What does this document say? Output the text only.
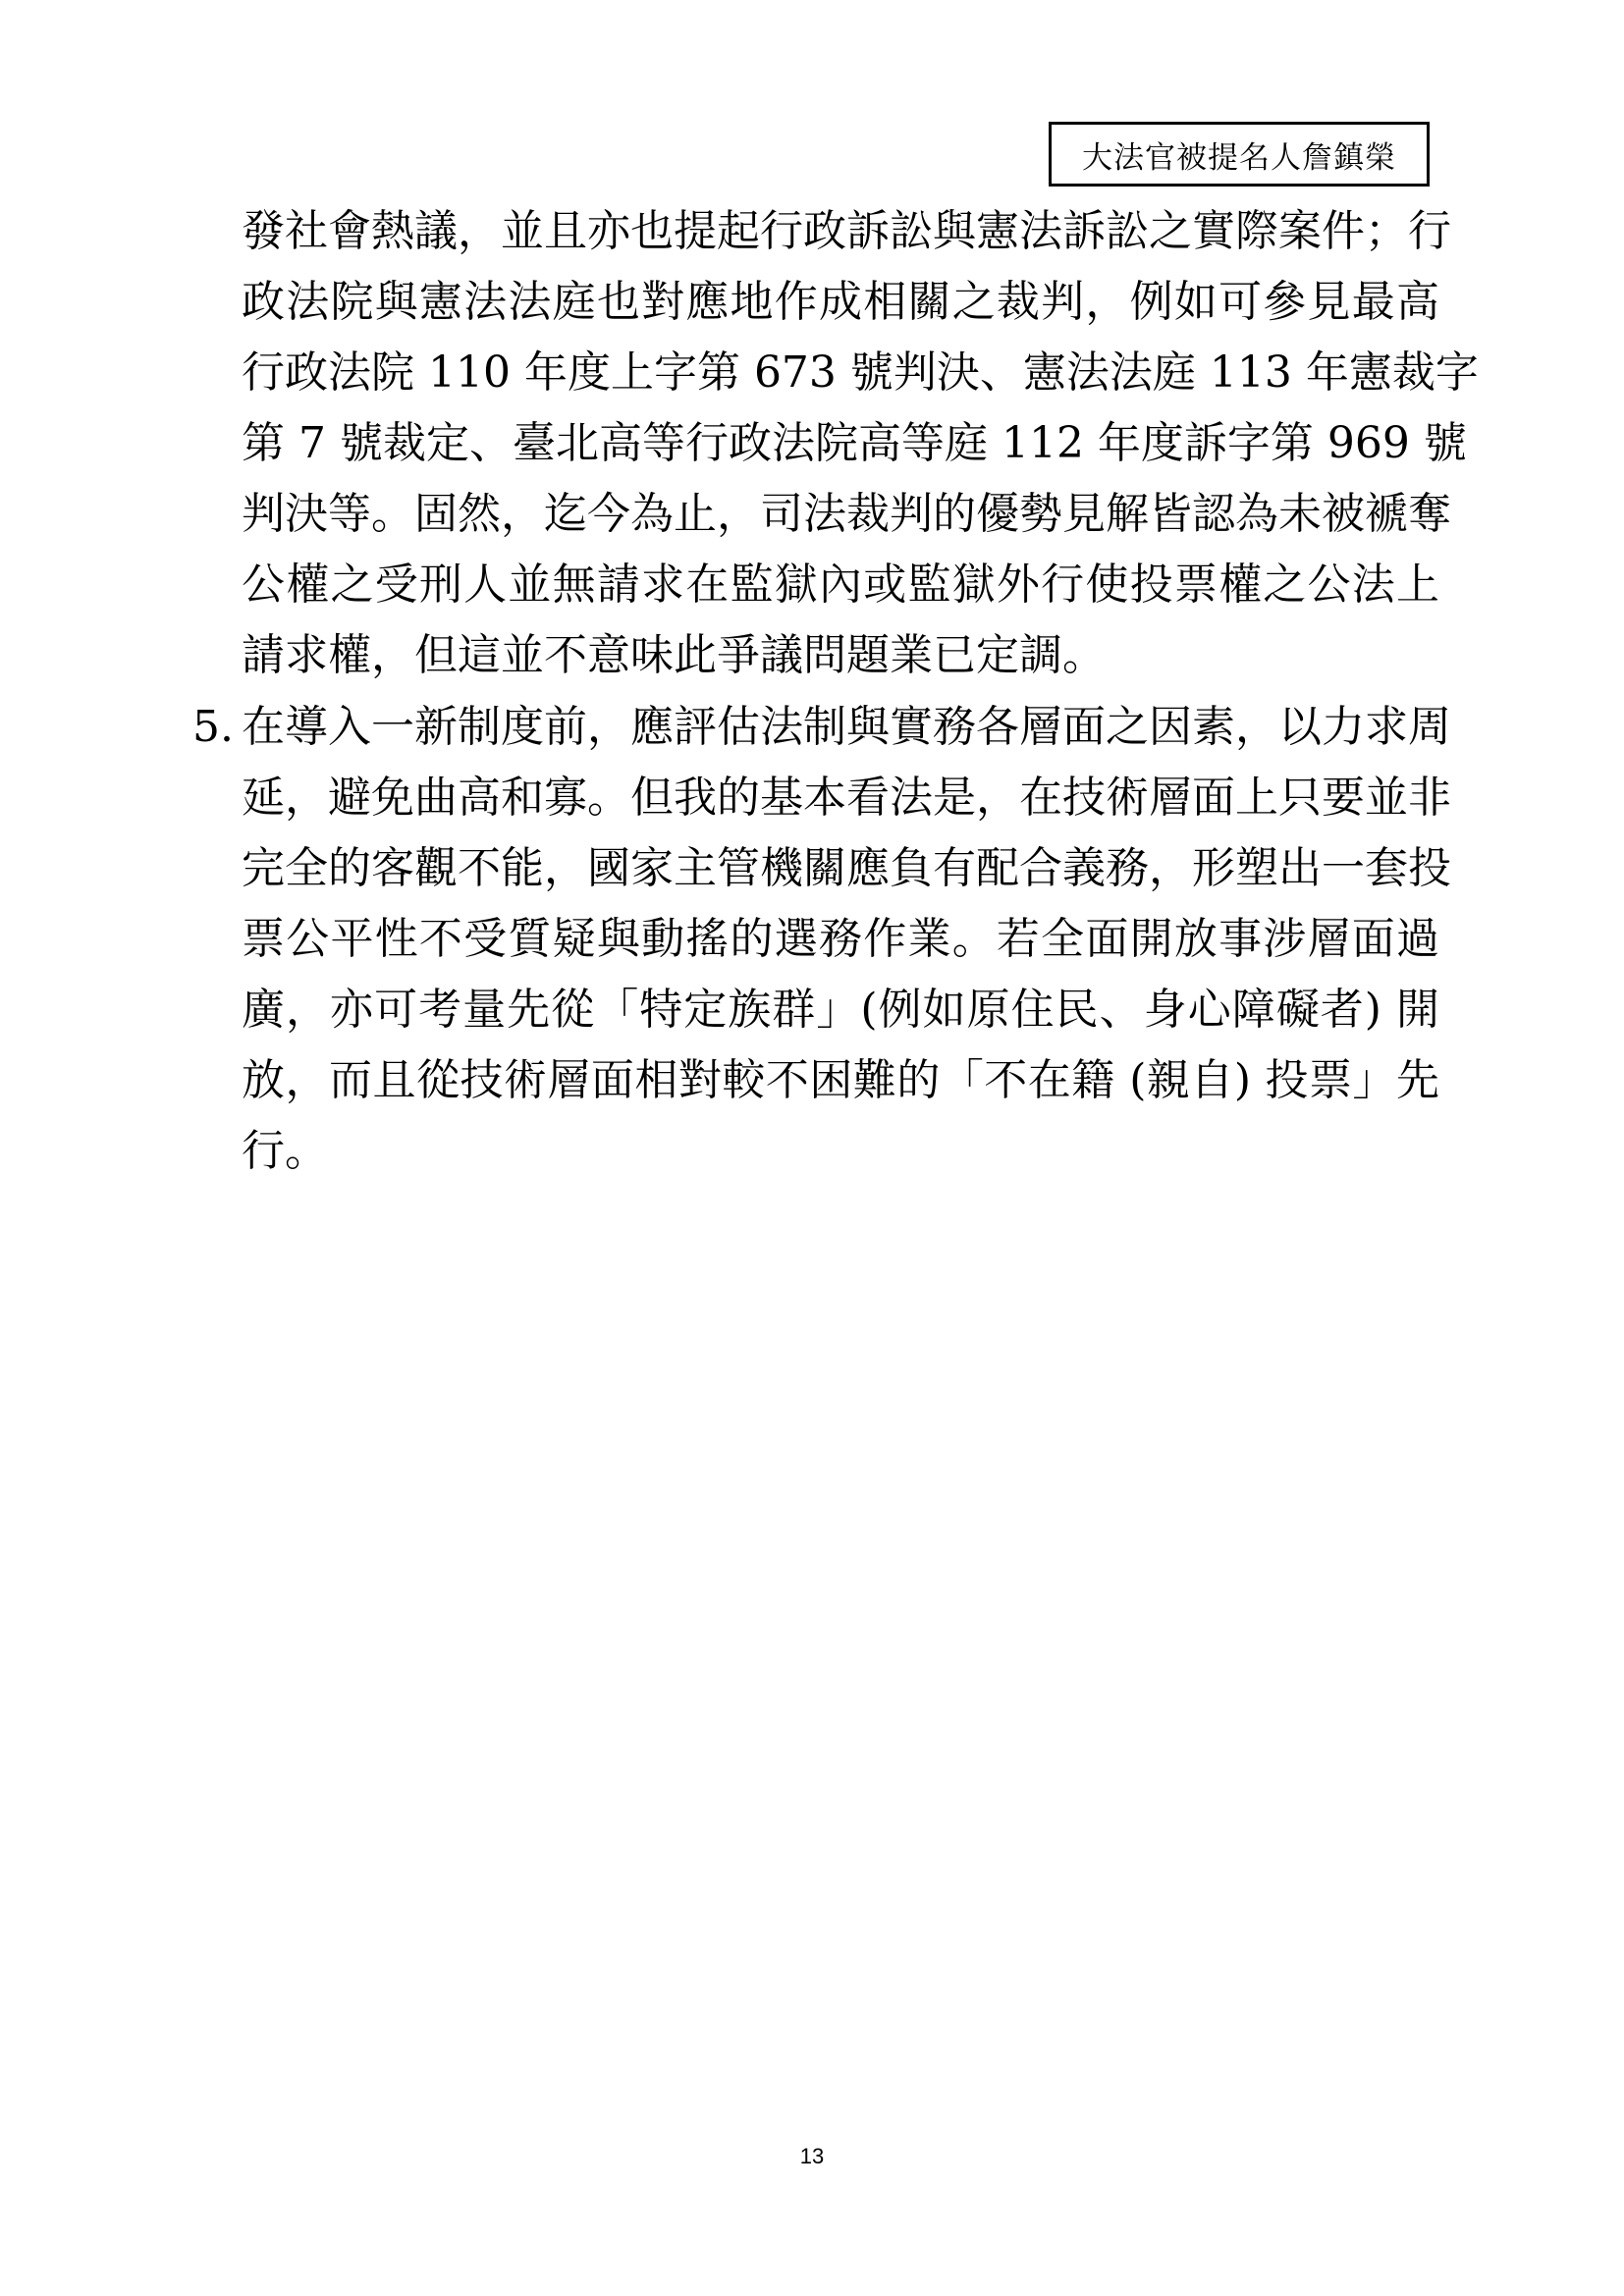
大法官被提名人詹鎮榮
發社會熱議，並且亦也提起行政訴訟與憲法訴訟之實際案件；行
政法院與憲法法庭也對應地作成相關之裁判，例如可參見最高
行政法院 110 年度上字第 673 號判決、憲法法庭 113 年憲裁字
第 7 號裁定、臺北高等行政法院高等庭 112 年度訴字第 969 號
判決等。固然，迄今為止，司法裁判的優勢見解皆認為未被褫奪
公權之受刑人並無請求在監獄內或監獄外行使投票權之公法上
請求權，但這並不意味此爭議問題業已定調。
5. 在導入一新制度前，應評估法制與實務各層面之因素，以力求周
延，避免曲高和寡。但我的基本看法是，在技術層面上只要並非
完全的客觀不能，國家主管機關應負有配合義務，形塑出一套投
票公平性不受質疑與動搖的選務作業。若全面開放事涉層面過
廣，亦可考量先從「特定族群」(例如原住民、身心障礙者) 開
放，而且從技術層面相對較不困難的「不在籍 (親自) 投票」先
行。
13
